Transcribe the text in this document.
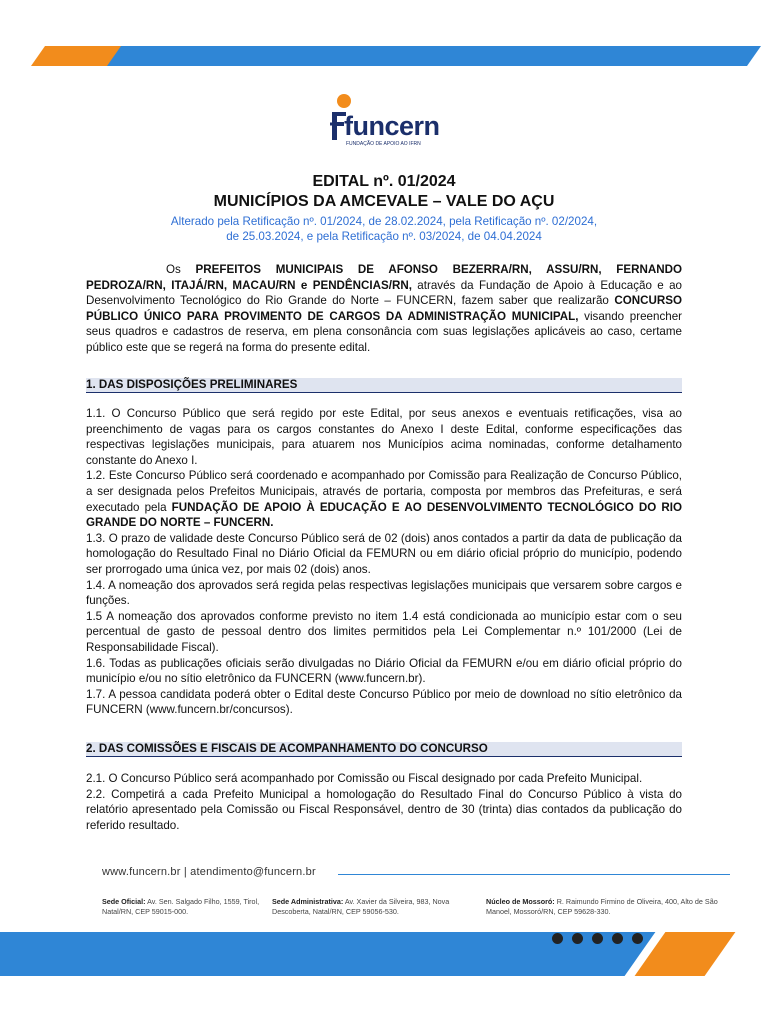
funcern
FUNDAÇÃO DE APOIO AO IFRN
EDITAL nº. 01/2024
MUNICÍPIOS DA AMCEVALE – VALE DO AÇU
Alterado pela Retificação nº. 01/2024, de 28.02.2024, pela Retificação nº. 02/2024,
de 25.03.2024, e pela Retificação nº. 03/2024, de 04.04.2024
Os PREFEITOS MUNICIPAIS DE AFONSO BEZERRA/RN, ASSU/RN, FERNANDO PEDROZA/RN, ITAJÁ/RN, MACAU/RN e PENDÊNCIAS/RN, através da Fundação de Apoio à Educação e ao Desenvolvimento Tecnológico do Rio Grande do Norte – FUNCERN, fazem saber que realizarão CONCURSO PÚBLICO ÚNICO PARA PROVIMENTO DE CARGOS DA ADMINISTRAÇÃO MUNICIPAL, visando preencher seus quadros e cadastros de reserva, em plena consonância com suas legislações aplicáveis ao caso, certame público este que se regerá na forma do presente edital.
1. DAS DISPOSIÇÕES PRELIMINARES

1.1. O Concurso Público que será regido por este Edital, por seus anexos e eventuais retificações, visa ao preenchimento de vagas para os cargos constantes do Anexo I deste Edital, conforme especificações das respectivas legislações municipais, para atuarem nos Municípios acima nominadas, conforme detalhamento constante do Anexo I.

1.2. Este Concurso Público será coordenado e acompanhado por Comissão para Realização de Concurso Público, a ser designada pelos Prefeitos Municipais, através de portaria, composta por membros das Prefeituras, e será executado pela FUNDAÇÃO DE APOIO À EDUCAÇÃO E AO DESENVOLVIMENTO TECNOLÓGICO DO RIO GRANDE DO NORTE – FUNCERN.

1.3. O prazo de validade deste Concurso Público será de 02 (dois) anos contados a partir da data de publicação da homologação do Resultado Final no Diário Oficial da FEMURN ou em diário oficial próprio do município, podendo ser prorrogado uma única vez, por mais 02 (dois) anos.

1.4. A nomeação dos aprovados será regida pelas respectivas legislações municipais que versarem sobre cargos e funções.

1.5 A nomeação dos aprovados conforme previsto no item 1.4 está condicionada ao município estar com o seu percentual de gasto de pessoal dentro dos limites permitidos pela Lei Complementar n.º 101/2000 (Lei de Responsabilidade Fiscal).

1.6. Todas as publicações oficiais serão divulgadas no Diário Oficial da FEMURN e/ou em diário oficial próprio do município e/ou no sítio eletrônico da FUNCERN (www.funcern.br).

1.7. A pessoa candidata poderá obter o Edital deste Concurso Público por meio de download no sítio eletrônico da FUNCERN (www.funcern.br/concursos).

2. DAS COMISSÕES E FISCAIS DE ACOMPANHAMENTO DO CONCURSO

2.1. O Concurso Público será acompanhado por Comissão ou Fiscal designado por cada Prefeito Municipal.

2.2. Competirá a cada Prefeito Municipal a homologação do Resultado Final do Concurso Público à vista do relatório apresentado pela Comissão ou Fiscal Responsável, dentro de 30 (trinta) dias contados da publicação do referido resultado.

www.funcern.br | atendimento@funcern.br
Sede Oficial: Av. Sen. Salgado Filho, 1559, Tirol, Natal/RN, CEP 59015-000.
Sede Administrativa: Av. Xavier da Silveira, 983, Nova Descoberta, Natal/RN, CEP 59056-530.
Núcleo de Mossoró: R. Raimundo Firmino de Oliveira, 400, Alto de São Manoel, Mossoró/RN, CEP 59628-330.
